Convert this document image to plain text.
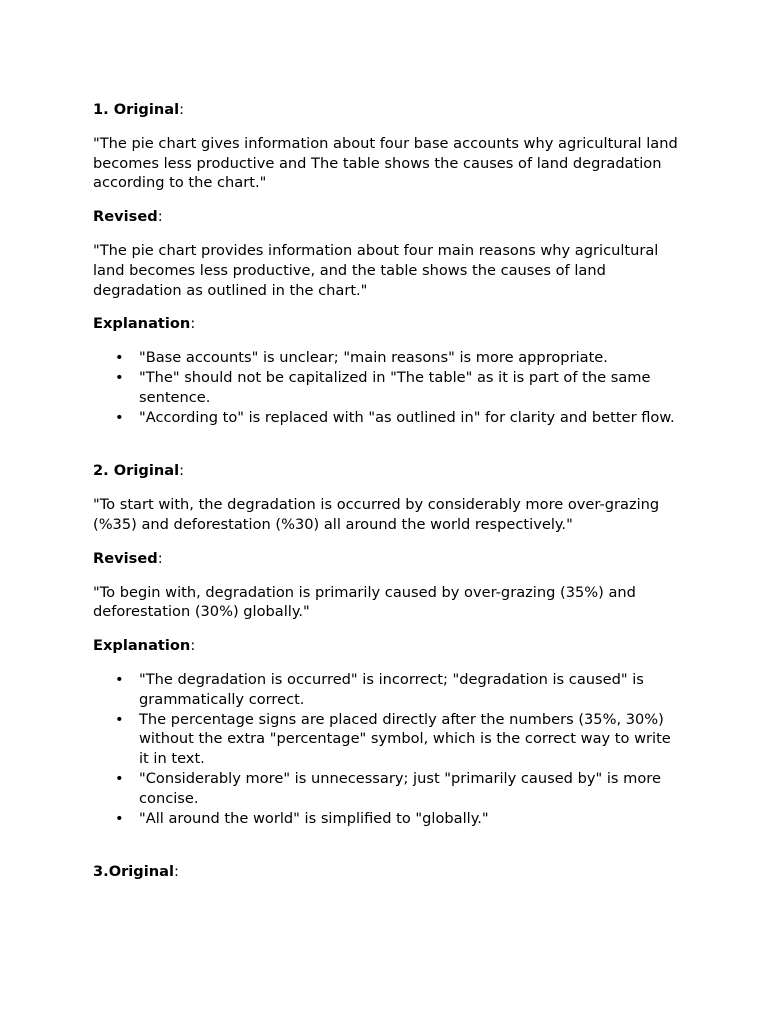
1. Original:

"The pie chart gives information about four base accounts why agricultural land becomes less productive and The table shows the causes of land degradation according to the chart."

Revised:

"The pie chart provides information about four main reasons why agricultural land becomes less productive, and the table shows the causes of land degradation as outlined in the chart."

Explanation:

• "Base accounts" is unclear; "main reasons" is more appropriate.
• "The" should not be capitalized in "The table" as it is part of the same sentence.
• "According to" is replaced with "as outlined in" for clarity and better flow.

2. Original:

"To start with, the degradation is occurred by considerably more over-grazing (%35) and deforestation (%30) all around the world respectively."

Revised:

"To begin with, degradation is primarily caused by over-grazing (35%) and deforestation (30%) globally."

Explanation:

• "The degradation is occurred" is incorrect; "degradation is caused" is grammatically correct.
• The percentage signs are placed directly after the numbers (35%, 30%) without the extra "percentage" symbol, which is the correct way to write it in text.
• "Considerably more" is unnecessary; just "primarily caused by" is more concise.
• "All around the world" is simplified to "globally."

3.Original:
